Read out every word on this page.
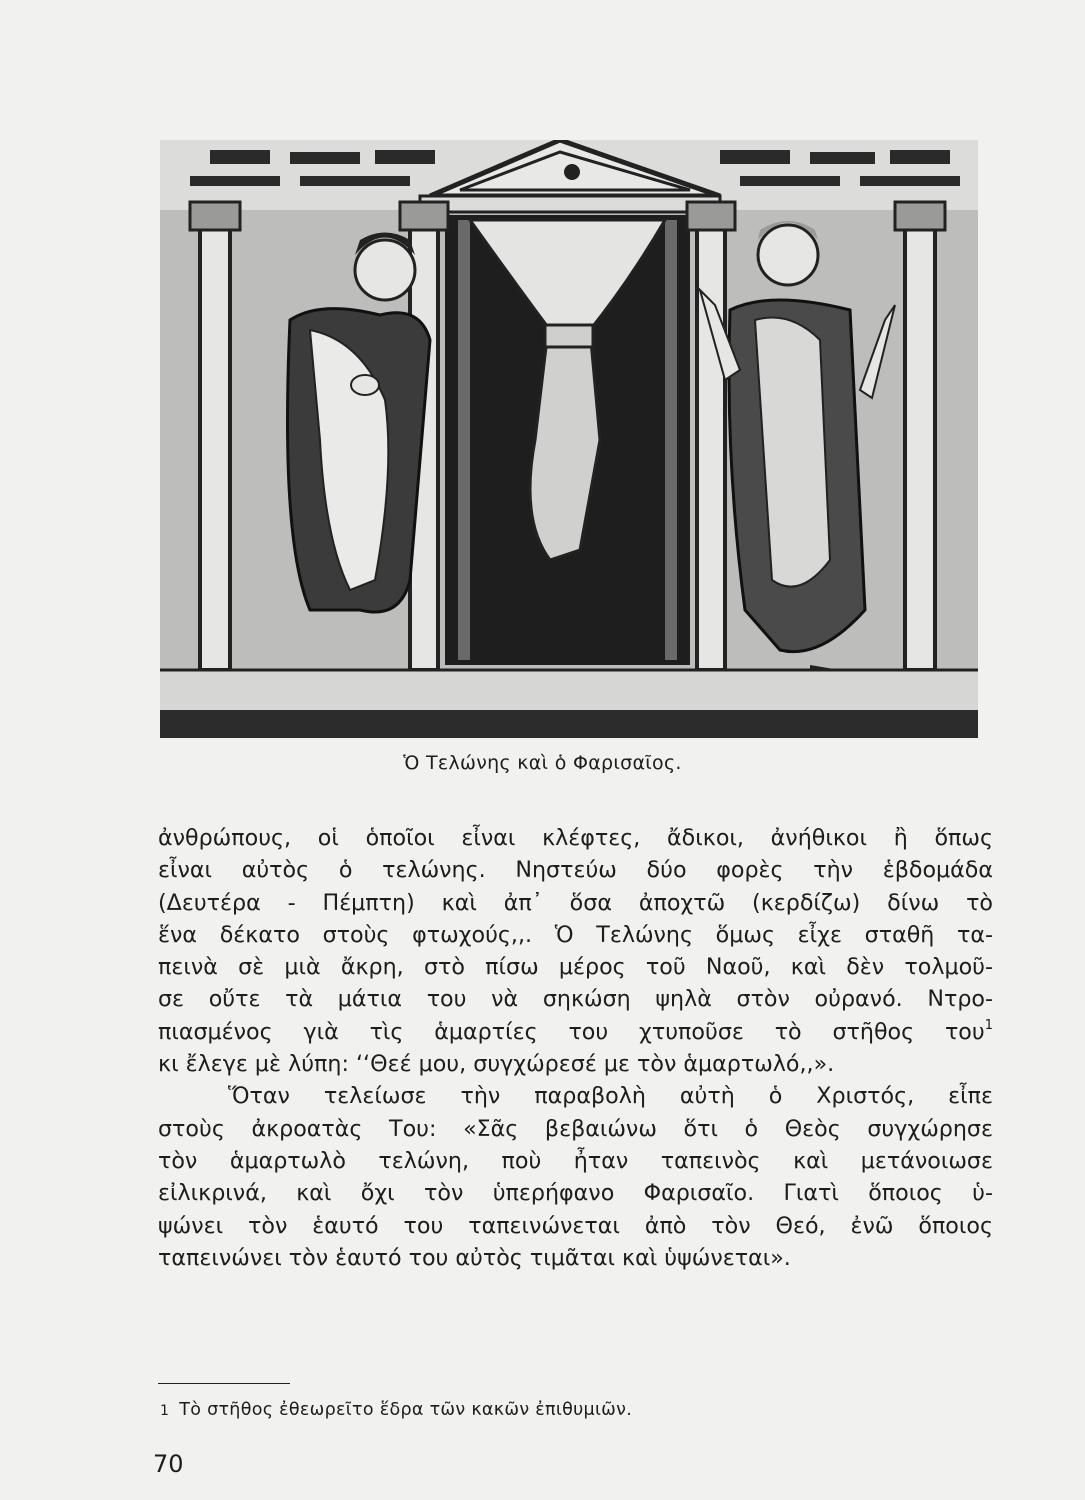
Ὁ Τελώνης καὶ ὁ Φαρισαῖος.
ἀνθρώπους, οἱ ὁποῖοι εἶναι κλέφτες, ἄδικοι, ἀνήθικοι ἢ ὅπως
εἶναι αὐτὸς ὁ τελώνης. Νηστεύω δύο φορὲς τὴν ἑβδομάδα
(Δευτέρα - Πέμπτη) καὶ ἀπ᾽ ὅσα ἀποχτῶ (κερδίζω) δίνω τὸ
ἕνα δέκατο στοὺς φτωχούς,,. Ὁ Τελώνης ὅμως εἶχε σταθῆ τα-
πεινὰ σὲ μιὰ ἄκρη, στὸ πίσω μέρος τοῦ Ναοῦ, καὶ δὲν τολμοῦ-
σε οὔτε τὰ μάτια του νὰ σηκώση ψηλὰ στὸν οὐρανό. Ντρο-
πιασμένος γιὰ τὶς ἁμαρτίες του χτυποῦσε τὸ στῆθος του$^1$
κι ἔλεγε μὲ λύπη: ‘‘Θεέ μου, συγχώρεσέ με τὸν ἁμαρτωλό,,».
Ὅταν τελείωσε τὴν παραβολὴ αὐτὴ ὁ Χριστός, εἶπε
στοὺς ἀκροατὰς Του: «Σᾶς βεβαιώνω ὅτι ὁ Θεὸς συγχώρησε
τὸν ἁμαρτωλὸ τελώνη, ποὺ ἦταν ταπεινὸς καὶ μετάνοιωσε
εἰλικρινά, καὶ ὄχι τὸν ὑπερήφανο Φαρισαῖο. Γιατὶ ὅποιος ὑ-
ψώνει τὸν ἑαυτό του ταπεινώνεται ἀπὸ τὸν Θεό, ἐνῶ ὅποιος
ταπεινώνει τὸν ἑαυτό του αὐτὸς τιμᾶται καὶ ὑψώνεται».
1 Τὸ στῆθος ἐθεωρεῖτο ἕδρα τῶν κακῶν ἐπιθυμιῶν.
70
